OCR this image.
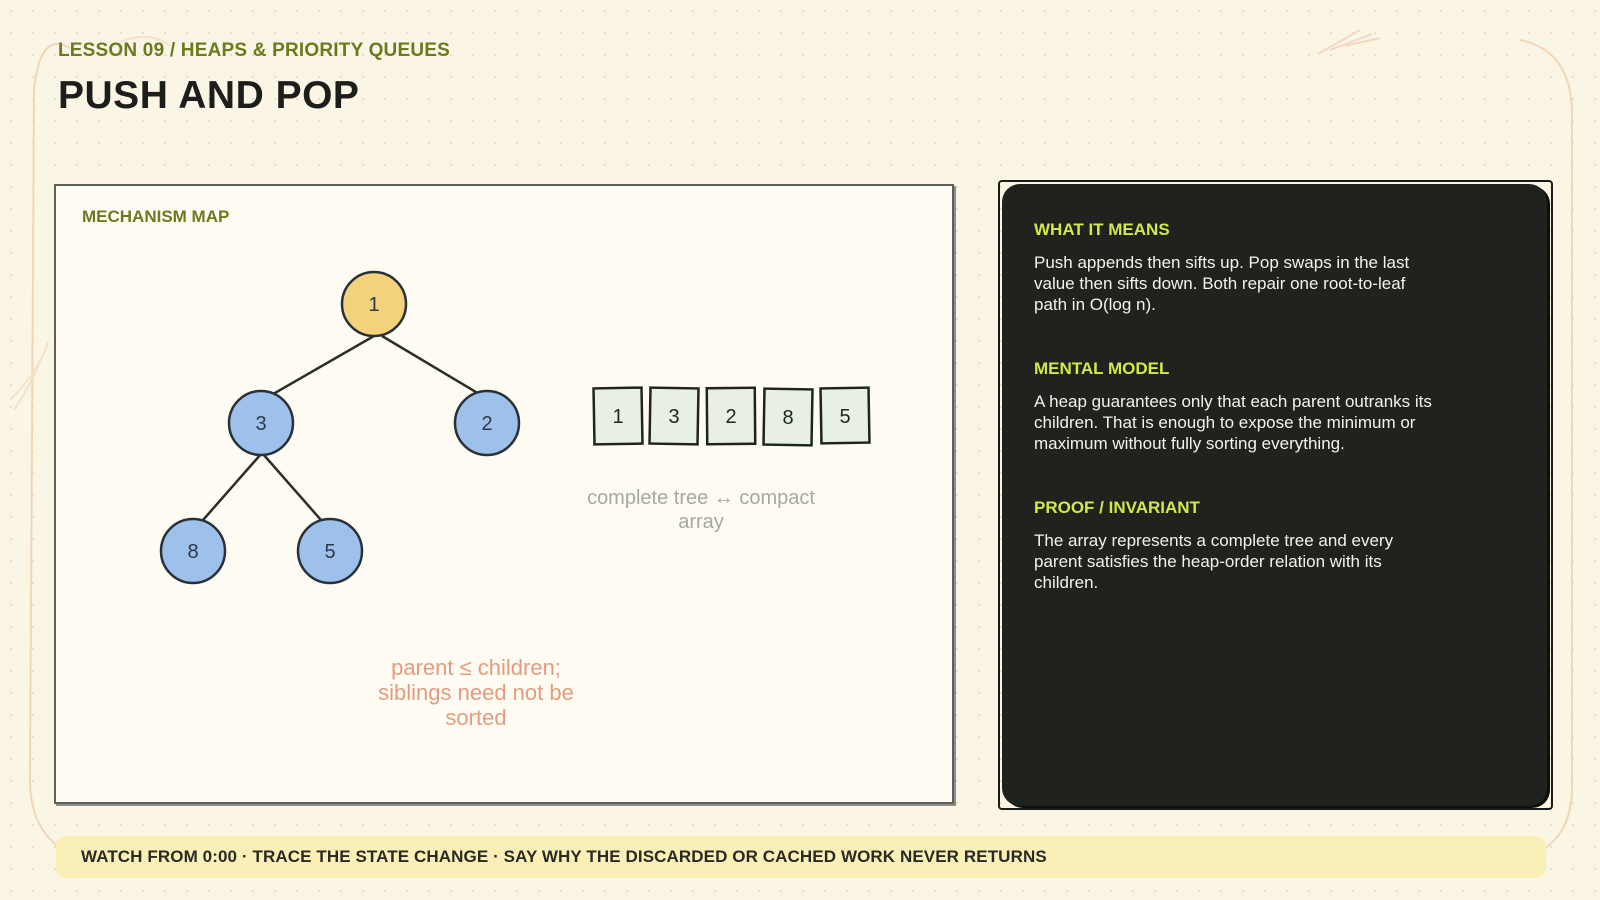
LESSON 09 / HEAPS & PRIORITY QUEUES
PUSH AND POP
MECHANISM MAP
1
3	2
8	5
1 3 2 8 5
complete tree ↔ compact array
parent ≤ children; siblings need not be sorted

WHAT IT MEANS

Push appends then sifts up. Pop swaps in the last value then sifts down. Both repair one root-to-leaf path in O(log n).

MENTAL MODEL

A heap guarantees only that each parent outranks its children. That is enough to expose the minimum or maximum without fully sorting everything.

PROOF / INVARIANT

The array represents a complete tree and every parent satisfies the heap-order relation with its children.

WATCH FROM 0:00 · TRACE THE STATE CHANGE · SAY WHY THE DISCARDED OR CACHED WORK NEVER RETURNS
